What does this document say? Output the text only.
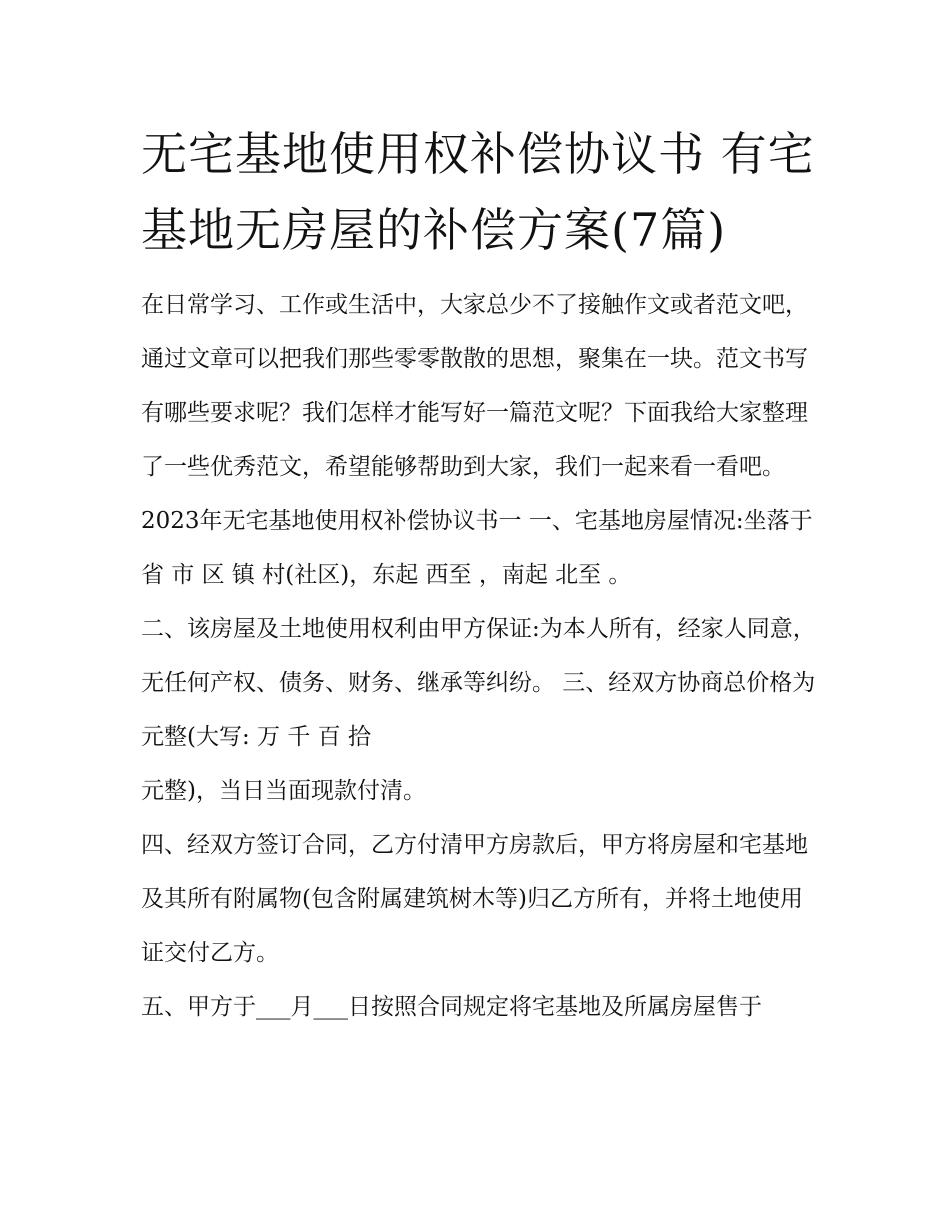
无宅基地使用权补偿协议书 有宅基地无房屋的补偿方案(7篇)

在日常学习、工作或生活中，大家总少不了接触作文或者范文吧，通过文章可以把我们那些零零散散的思想，聚集在一块。范文书写有哪些要求呢？我们怎样才能写好一篇范文呢？下面我给大家整理了一些优秀范文，希望能够帮助到大家，我们一起来看一看吧。

2023年无宅基地使用权补偿协议书一 一、宅基地房屋情况:坐落于 省 市 区 镇 村(社区)，东起 西至 ，南起 北至 。

二、该房屋及土地使用权利由甲方保证:为本人所有，经家人同意，无任何产权、债务、财务、继承等纠纷。 三、经双方协商总价格为 元整(大写: 万 千 百 拾

元整)，当日当面现款付清。

四、经双方签订合同，乙方付清甲方房款后，甲方将房屋和宅基地及其所有附属物(包含附属建筑树木等)归乙方所有，并将土地使用证交付乙方。

五、甲方于___月___日按照合同规定将宅基地及所属房屋售于
